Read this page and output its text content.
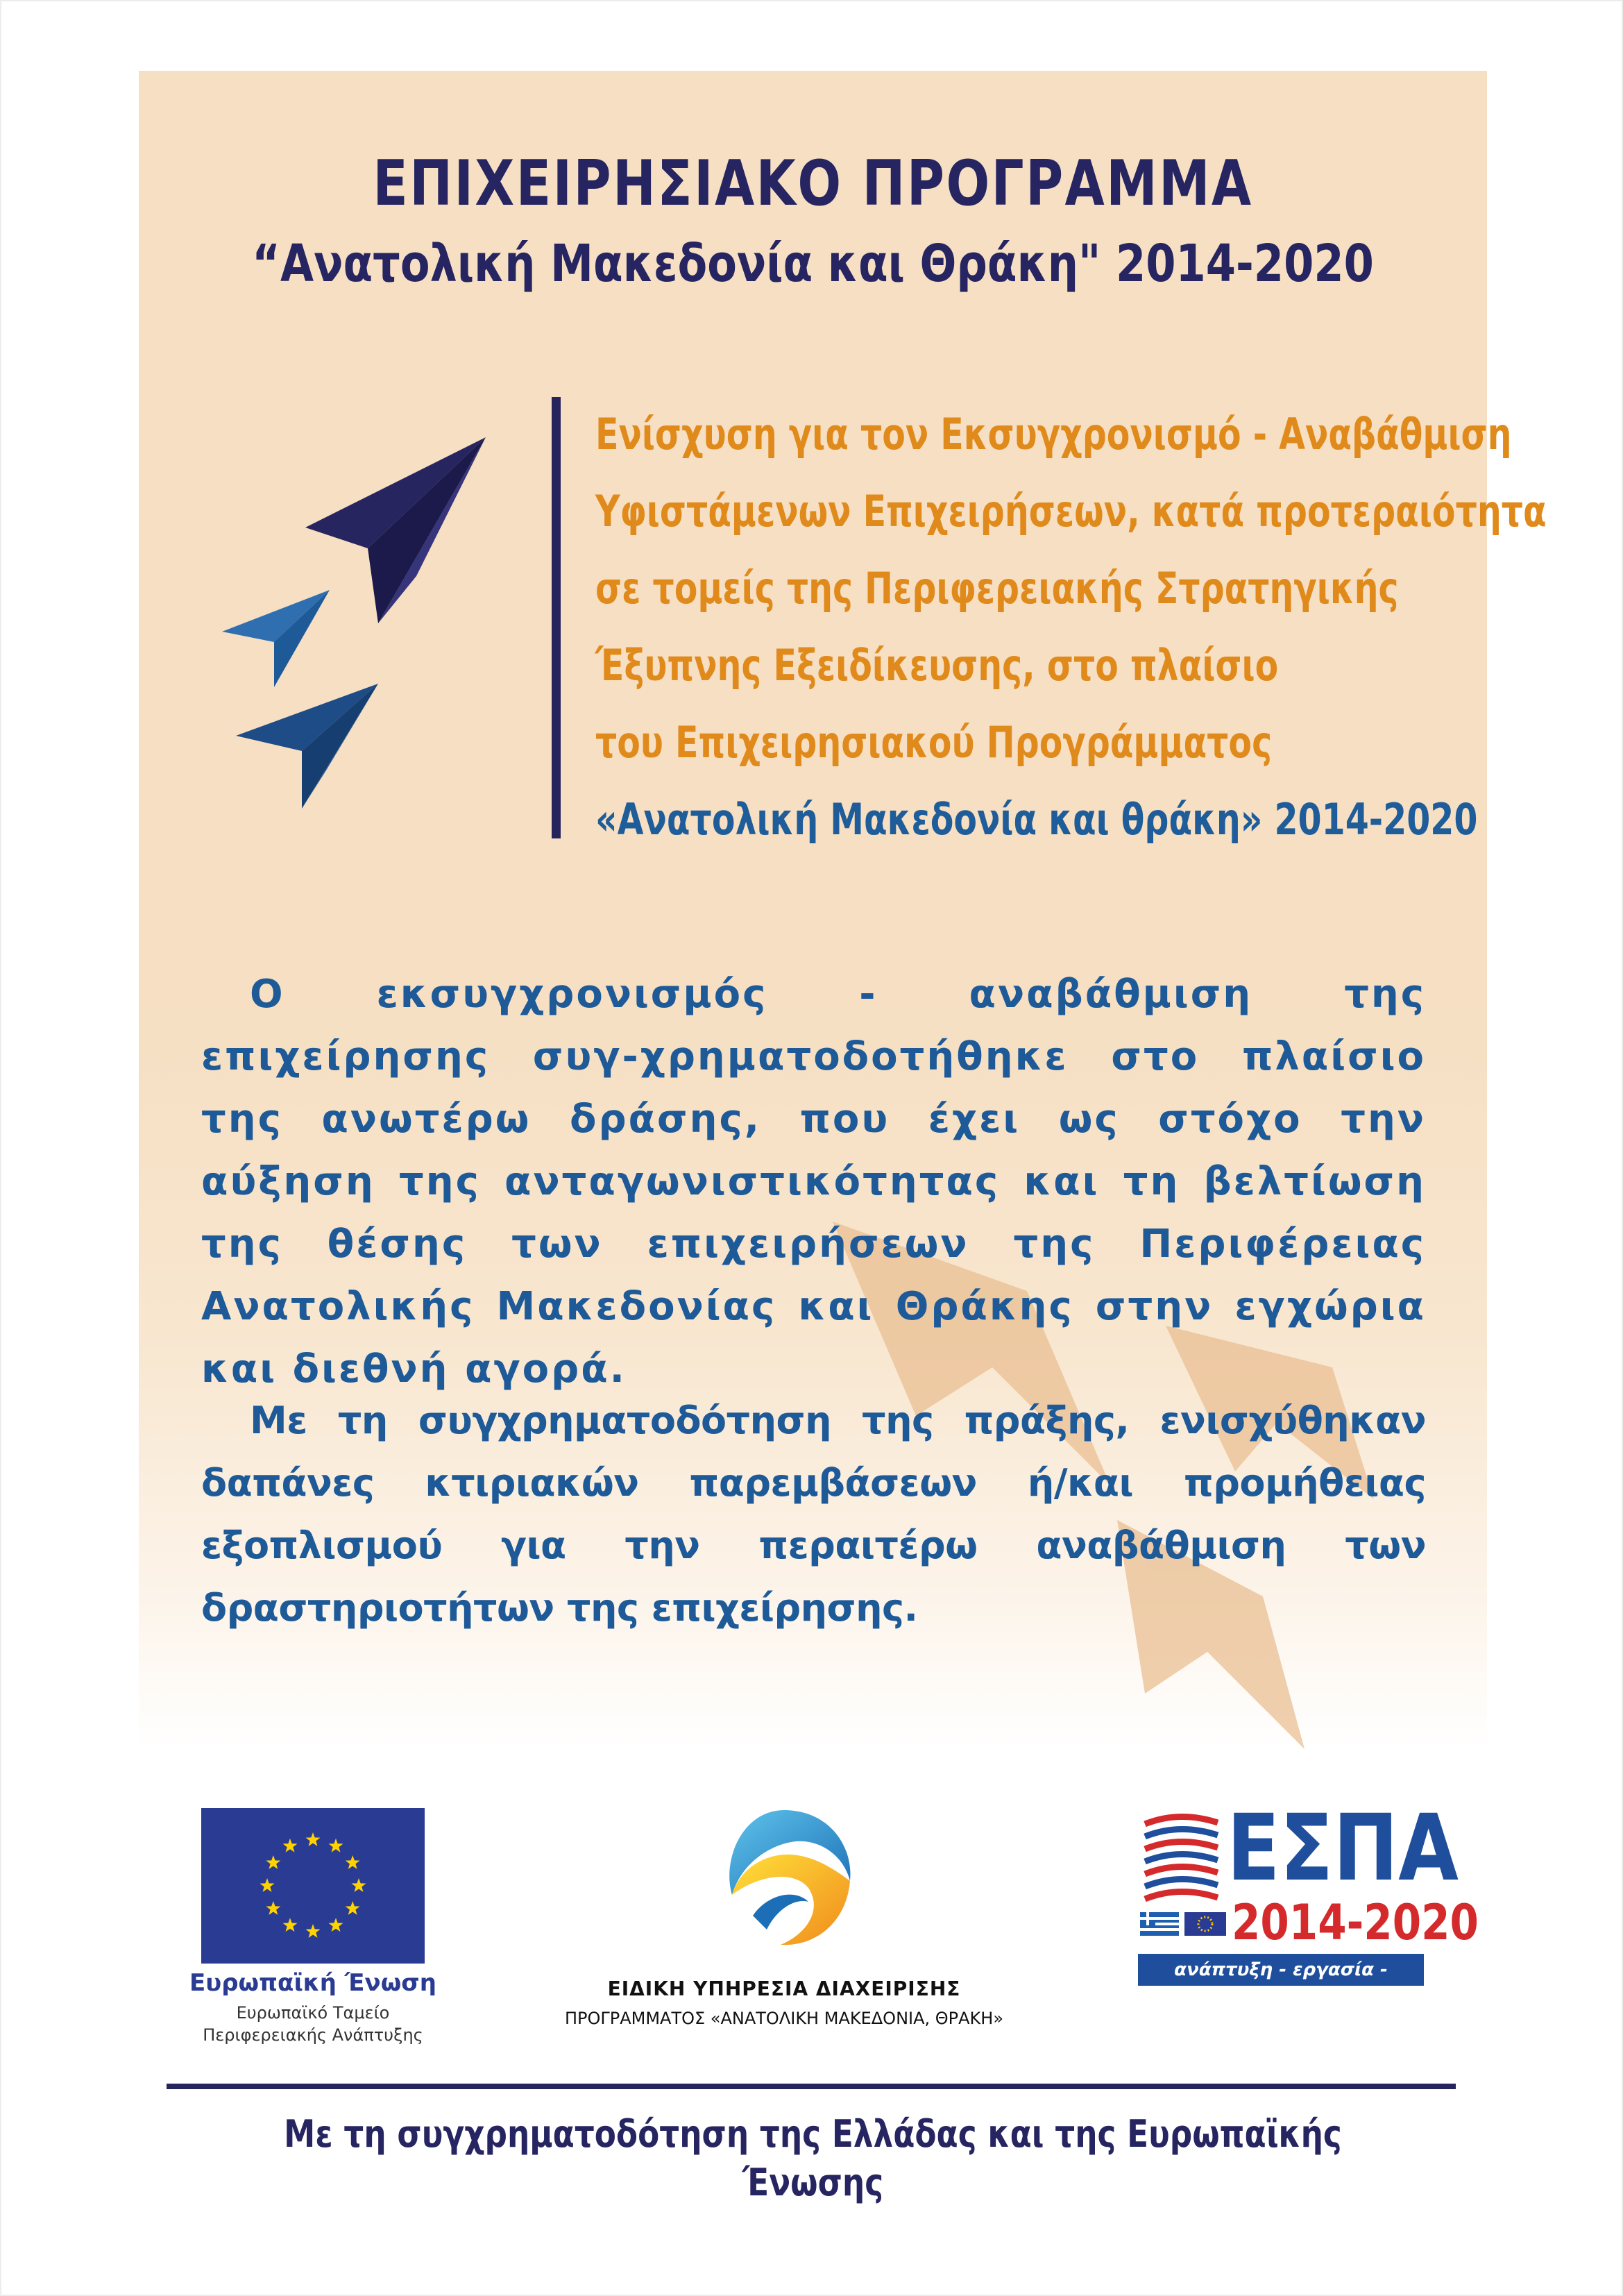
ΕΠΙΧΕΙΡΗΣΙΑΚΟ ΠΡΟΓΡΑΜΜΑ
“Ανατολική Μακεδονία και Θράκη" 2014-2020
Ενίσχυση για τον Εκσυγχρονισμό - Αναβάθμιση
Υφιστάμενων Επιχειρήσεων, κατά προτεραιότητα
σε τομείς της Περιφερειακής Στρατηγικής
Έξυπνης Εξειδίκευσης, στο πλαίσιο
του Επιχειρησιακού Προγράμματος
«Ανατολική Μακεδονία και θράκη» 2014-2020
Ο εκσυγχρονισμός - αναβάθμιση της επιχείρησης συγ-χρηματοδοτήθηκε στο πλαίσιο της ανωτέρω δράσης, που έχει ως στόχο την αύξηση της ανταγωνιστικότητας και τη βελτίωση της θέσης των επιχειρήσεων της Περιφέρειας Ανατολικής Μακεδονίας και Θράκης στην εγχώρια και διεθνή αγορά.
Με τη συγχρηματοδότηση της πράξης, ενισχύθηκαν δαπάνες κτιριακών παρεμβάσεων ή/και προμήθειας εξοπλισμού για την περαιτέρω αναβάθμιση των δραστηριοτήτων της επιχείρησης.
Ευρωπαϊκή Ένωση
Ευρωπαϊκό Ταμείο
Περιφερειακής Ανάπτυξης
ΕΙΔΙΚΗ ΥΠΗΡΕΣΙΑ ΔΙΑΧΕΙΡΙΣΗΣ
ΠΡΟΓΡΑΜΜΑΤΟΣ «ΑΝΑΤΟΛΙΚΗ ΜΑΚΕΔΟΝΙΑ, ΘΡΑΚΗ»
ΕΣΠΑ
2014-2020
ανάπτυξη - εργασία - αλληλεγγύη
Με τη συγχρηματοδότηση της Ελλάδας και της Ευρωπαϊκής Ένωσης
